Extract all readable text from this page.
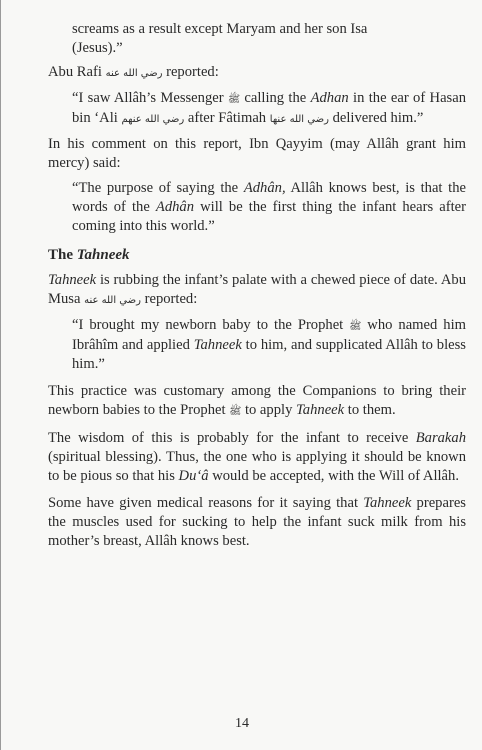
screams as a result except Maryam and her son Isa
(Jesus).”

Abu Rafi رضي الله عنه reported:

“I saw Allâh’s Messenger ﷺ calling the Adhan in the ear of Hasan bin ‘Ali رضي الله عنهم after Fâtimah رضي الله عنها delivered him.”

In his comment on this report, Ibn Qayyim (may Allâh grant him mercy) said:

“The purpose of saying the Adhân, Allâh knows best, is that the words of the Adhân will be the first thing the infant hears after coming into this world.”

The Tahneek

Tahneek is rubbing the infant’s palate with a chewed piece of date. Abu Musa رضي الله عنه reported:

“I brought my newborn baby to the Prophet ﷺ who named him Ibrâhîm and applied Tahneek to him, and supplicated Allâh to bless him.”

This practice was customary among the Companions to bring their newborn babies to the Prophet ﷺ to apply Tahneek to them.

The wisdom of this is probably for the infant to receive Barakah (spiritual blessing). Thus, the one who is applying it should be known to be pious so that his Du‘â would be accepted, with the Will of Allâh.

Some have given medical reasons for it saying that Tahneek prepares the muscles used for sucking to help the infant suck milk from his mother’s breast, Allâh knows best.

14
